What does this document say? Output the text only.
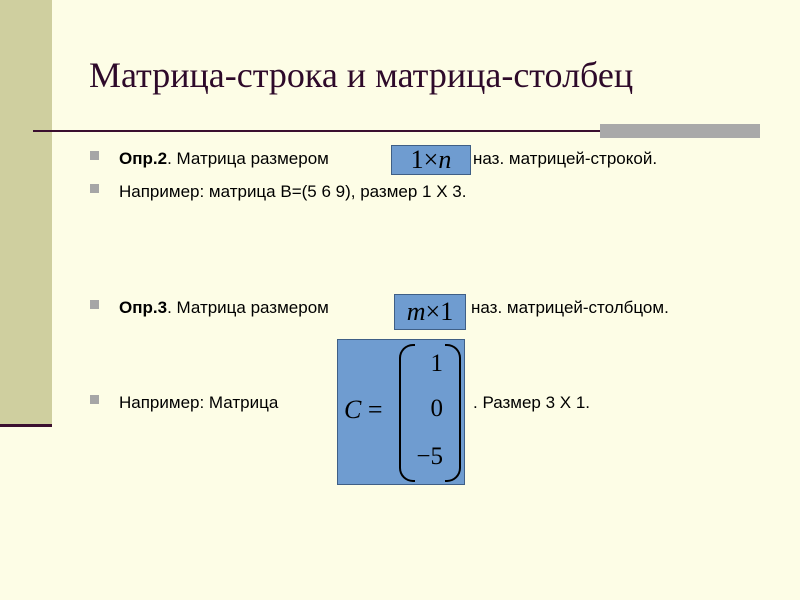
Матрица-строка и матрица-столбец
Опр.2. Матрица размером	1×n	наз. матрицей-строкой.
Например: матрица В=(5 6 9), размер 1 Х 3.
Опр.3. Матрица размером	m×1	наз. матрицей-столбцом.
Например: Матрица	C =
1
0
−5
. Размер 3 Х 1.
